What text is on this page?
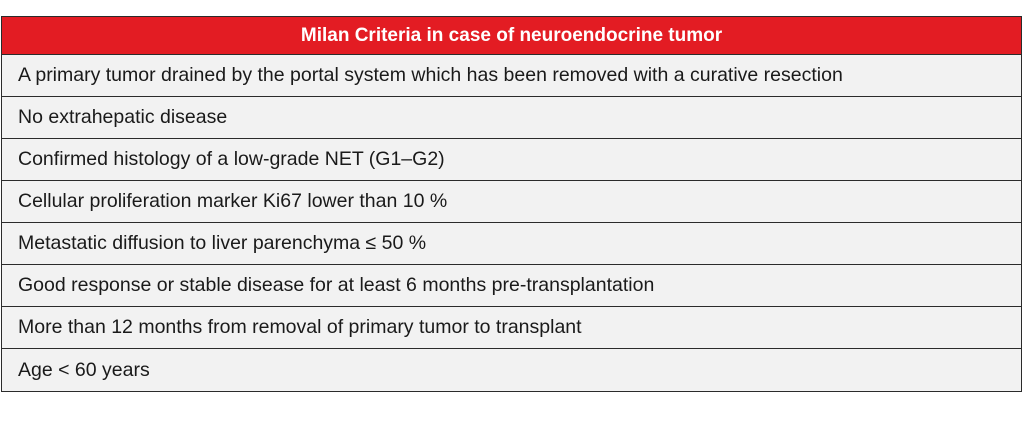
Milan Criteria in case of neuroendocrine tumor
A primary tumor drained by the portal system which has been removed with a curative resection
No extrahepatic disease
Confirmed histology of a low-grade NET (G1–G2)
Cellular proliferation marker Ki67 lower than 10 %
Metastatic diffusion to liver parenchyma ≤ 50 %
Good response or stable disease for at least 6 months pre-transplantation
More than 12 months from removal of primary tumor to transplant
Age < 60 years
